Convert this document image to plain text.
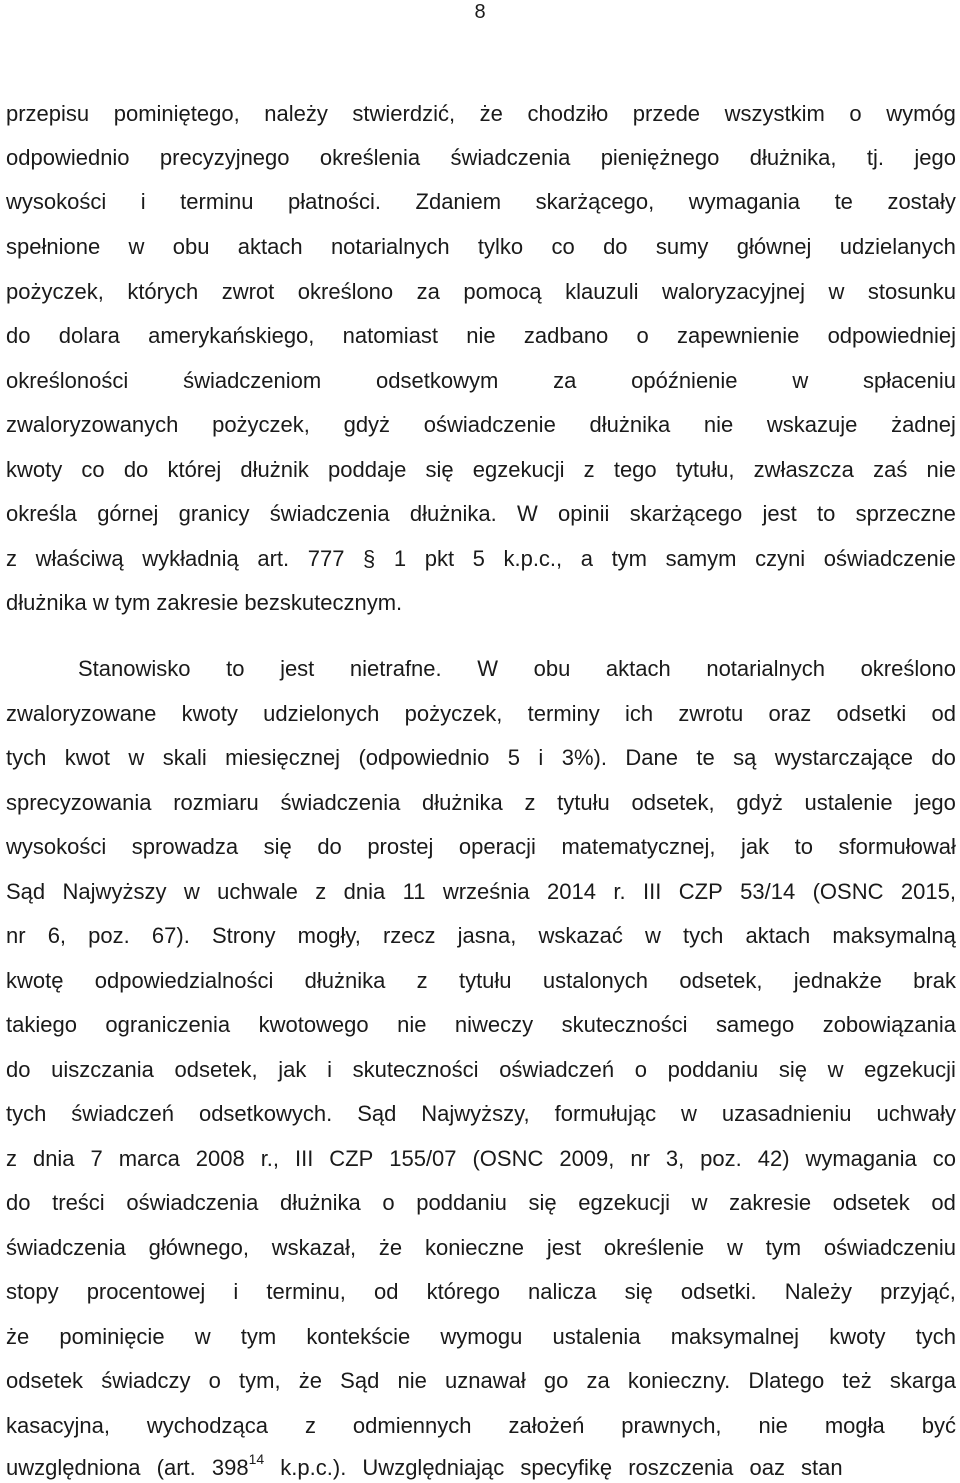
8
przepisu pominiętego, należy stwierdzić, że chodziło przede wszystkim o wymóg
odpowiednio precyzyjnego określenia świadczenia pieniężnego dłużnika, tj. jego
wysokości i terminu płatności. Zdaniem skarżącego, wymagania te zostały
spełnione w obu aktach notarialnych tylko co do sumy głównej udzielanych
pożyczek, których zwrot określono za pomocą klauzuli waloryzacyjnej w stosunku
do dolara amerykańskiego, natomiast nie zadbano o zapewnienie odpowiedniej
określoności świadczeniom odsetkowym za opóźnienie w spłaceniu
zwaloryzowanych pożyczek, gdyż oświadczenie dłużnika nie wskazuje żadnej
kwoty co do której dłużnik poddaje się egzekucji z tego tytułu, zwłaszcza zaś nie
określa górnej granicy świadczenia dłużnika. W opinii skarżącego jest to sprzeczne
z właściwą wykładnią art. 777 § 1 pkt 5 k.p.c., a tym samym czyni oświadczenie
dłużnika w tym zakresie bezskutecznym.
Stanowisko to jest nietrafne. W obu aktach notarialnych określono
zwaloryzowane kwoty udzielonych pożyczek, terminy ich zwrotu oraz odsetki od
tych kwot w skali miesięcznej (odpowiednio 5 i 3%). Dane te są wystarczające do
sprecyzowania rozmiaru świadczenia dłużnika z tytułu odsetek, gdyż ustalenie jego
wysokości sprowadza się do prostej operacji matematycznej, jak to sformułował
Sąd Najwyższy w uchwale z dnia 11 września 2014 r. III CZP 53/14 (OSNC 2015,
nr 6, poz. 67). Strony mogły, rzecz jasna, wskazać w tych aktach maksymalną
kwotę odpowiedzialności dłużnika z tytułu ustalonych odsetek, jednakże brak
takiego ograniczenia kwotowego nie niweczy skuteczności samego zobowiązania
do uiszczania odsetek, jak i skuteczności oświadczeń o poddaniu się w egzekucji
tych świadczeń odsetkowych. Sąd Najwyższy, formułując w uzasadnieniu uchwały
z dnia 7 marca 2008 r., III CZP 155/07 (OSNC 2009, nr 3, poz. 42) wymagania co
do treści oświadczenia dłużnika o poddaniu się egzekucji w zakresie odsetek od
świadczenia głównego, wskazał, że konieczne jest określenie w tym oświadczeniu
stopy procentowej i terminu, od którego nalicza się odsetki. Należy przyjąć,
że pominięcie w tym kontekście wymogu ustalenia maksymalnej kwoty tych
odsetek świadczy o tym, że Sąd nie uznawał go za konieczny. Dlatego też skarga
kasacyjna, wychodząca z odmiennych założeń prawnych, nie mogła być
uwzględniona (art. $398^{14}$ k.p.c.). Uwzględniając specyfikę roszczenia oaz stan
